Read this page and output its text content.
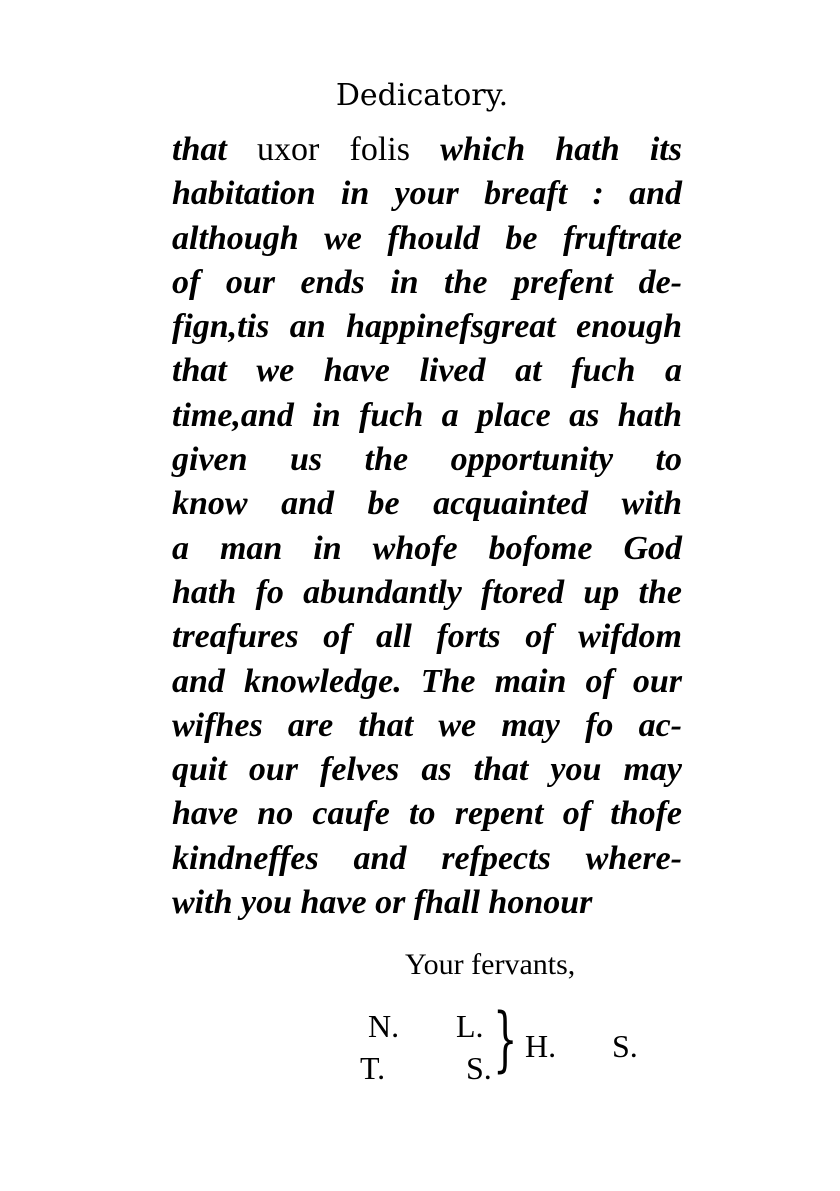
Dedicatory.
that uxor folis which hath its
habitation in your breaft : and
although we fhould be fruftrate
of our ends in the prefent de-
fign,tis an happinefsgreat enough
that we have lived at fuch a
time,and in fuch a place as hath
given us the opportunity to
know and be acquainted with
a man in whofe bofome God
hath fo abundantly ftored up the
treafures of all forts of wifdom
and knowledge. The main of our
wifhes are that we may fo ac-
quit our felves as that you may
have no caufe to repent of thofe
kindneffes and refpects where-
with you have or fhall honour
Your fervants,
N. L.
T.	S. } H. S.
